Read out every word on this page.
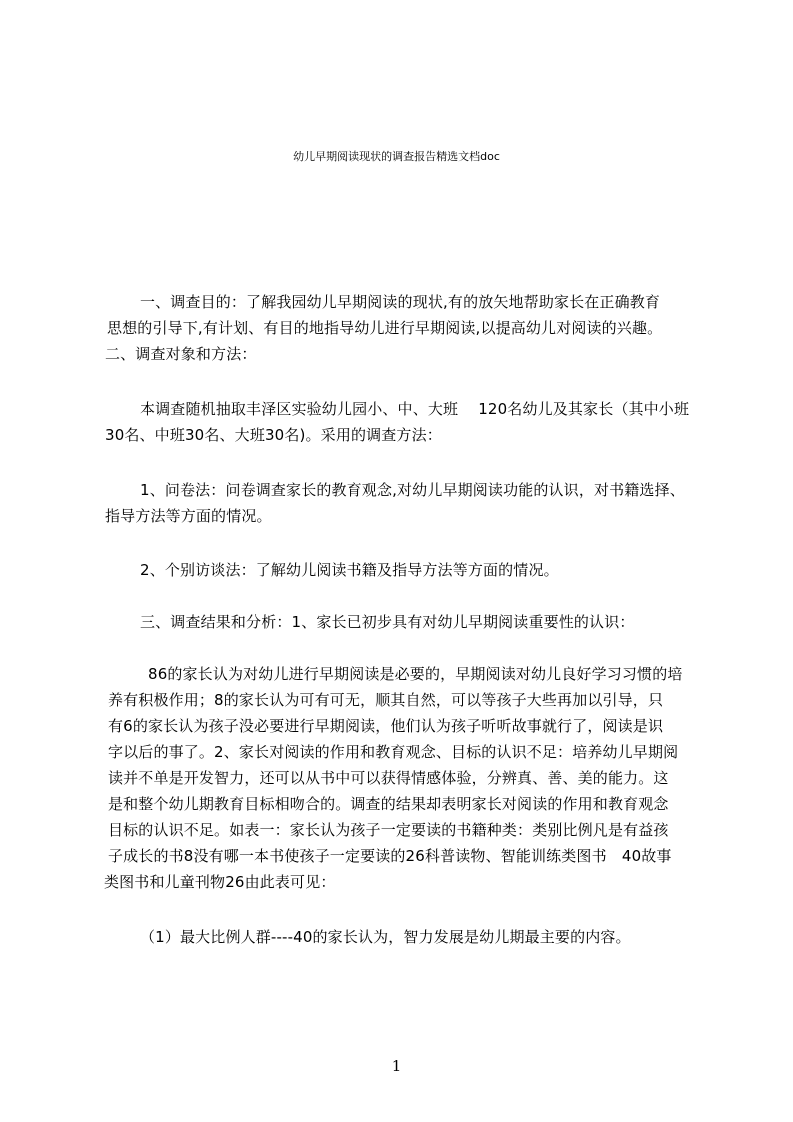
幼儿早期阅读现状的调查报告精选文档doc
一、调查目的：了解我园幼儿早期阅读的现状,有的放矢地帮助家长在正确教育
思想的引导下,有计划、有目的地指导幼儿进行早期阅读,以提高幼儿对阅读的兴趣。
二、调查对象和方法：
本调查随机抽取丰泽区实验幼儿园小、中、大班　 120名幼儿及其家长（其中小班
30名、中班30名、大班30名)。采用的调查方法：
1、问卷法：问卷调查家长的教育观念,对幼儿早期阅读功能的认识，对书籍选择、
指导方法等方面的情况。
2、个别访谈法：了解幼儿阅读书籍及指导方法等方面的情况。
三、调查结果和分析：1、家长已初步具有对幼儿早期阅读重要性的认识：
86的家长认为对幼儿进行早期阅读是必要的，早期阅读对幼儿良好学习习惯的培
养有积极作用；8的家长认为可有可无，顺其自然，可以等孩子大些再加以引导，只
有6的家长认为孩子没必要进行早期阅读，他们认为孩子听听故事就行了，阅读是识
字以后的事了。2、家长对阅读的作用和教育观念、目标的认识不足：培养幼儿早期阅
读并不单是开发智力，还可以从书中可以获得情感体验，分辨真、善、美的能力。这
是和整个幼儿期教育目标相吻合的。调查的结果却表明家长对阅读的作用和教育观念
目标的认识不足。如表一：家长认为孩子一定要读的书籍种类：类别比例凡是有益孩
子成长的书8没有哪一本书使孩子一定要读的26科普读物、智能训练类图书　40故事
类图书和儿童刊物26由此表可见：
（1）最大比例人群----40的家长认为，智力发展是幼儿期最主要的内容。
1
